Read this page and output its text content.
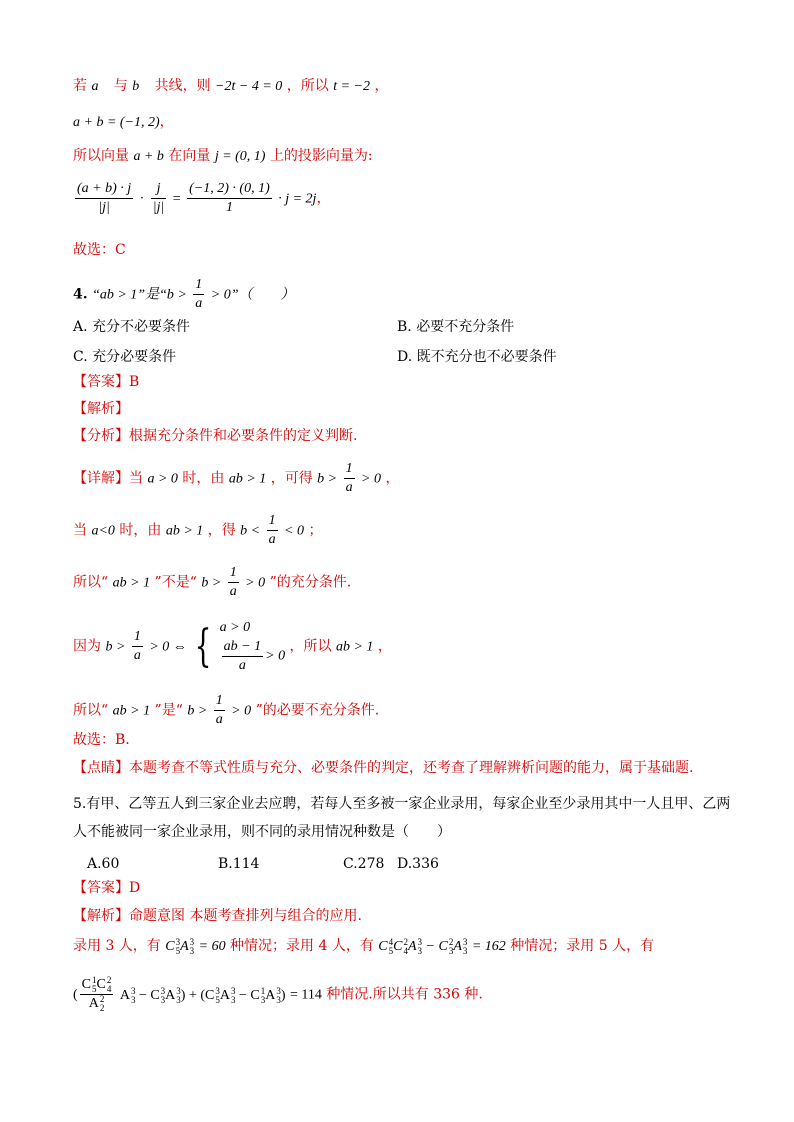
若 a⃗ 与 b⃗ 共线，则 −2t − 4 = 0 ，所以 t = −2 ，
a + b = (−1, 2)，
所以向量 a + b 在向量 j = (0, 1) 上的投影向量为:
$\frac{(a + b) \cdot j}{|j|} \cdot \frac{j}{|j|} = \frac{(-1, 2) \cdot (0, 1)}{1} \cdot j = 2j$，
故选：C
4. “ab > 1”是“$b > \frac{1}{a}$ > 0”（　　）
A. 充分不必要条件	B. 必要不充分条件
C. 充分必要条件	D. 既不充分也不必要条件
【答案】B
【解析】
【分析】根据充分条件和必要条件的定义判断.
【详解】当 a > 0 时，由 ab > 1 ，可得 $b > \frac{1}{a} > 0$ ，
当 a<0 时，由 ab > 1 ，得 $b < \frac{1}{a} < 0$ ；
所以“ ab > 1 ”不是“ $b > \frac{1}{a} > 0$ ”的充分条件.
因为 $b > \frac{1}{a} > 0$ ⇔ { a > 0
$\frac{ab - 1}{a} > 0$
，所以 ab > 1 ，
所以“ ab > 1 ”是“ $b > \frac{1}{a} > 0$ ”的必要不充分条件.
故选：B.
【点睛】本题考查不等式性质与充分、必要条件的判定，还考查了理解辨析问题的能力，属于基础题.
5.有甲、乙等五人到三家企业去应聘，若每人至多被一家企业录用，每家企业至少录用其中一人且甲、乙两
人不能被同一家企业录用，则不同的录用情况种数是（　　）
A.60	B.114	C.278 D.336
【答案】D
【解析】命题意图 本题考查排列与组合的应用.
录用 3 人，有 C 3
5 A 3
3 = 60 种情况；录用 4 人，有 C 4
5 C 2
4 A 3
3 − C 2
3 A 3
3 = 162 种情况；录用 5 人，有
( C 1
5 C 2
4
A 2
2 A 3
3 − C 3
3 A 3
3 ) + (C 3
5 A 3
3 − C 1
3 A 3
3 ) = 114 种情况.所以共有 336 种.
